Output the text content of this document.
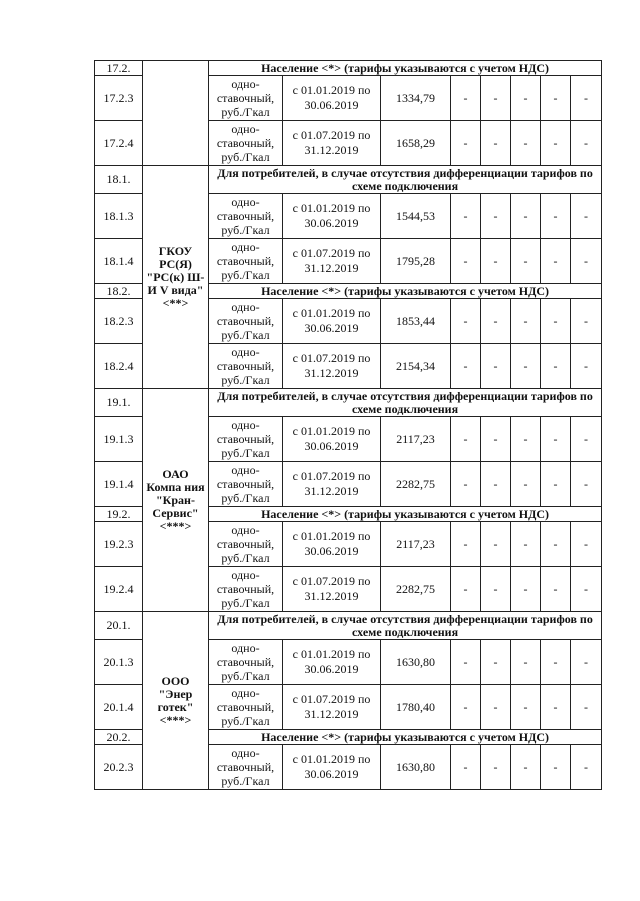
17.2.		Население <*> (тарифы указываются с учетом НДС)							
17.2.3		одно- ставочный, руб./Гкал	с 01.01.2019 по 30.06.2019	1334,79	-	-	-	-	-
17.2.4		одно- ставочный, руб./Гкал	с 01.07.2019 по 31.12.2019	1658,29	-	-	-	-	-
18.1.	ГКОУ РС(Я) "РС(к) Ш-И V вида" <**>	Для потребителей, в случае отсутствия дифференциации тарифов по схеме подключения							
18.1.3		одно- ставочный, руб./Гкал	с 01.01.2019 по 30.06.2019	1544,53	-	-	-	-	-
18.1.4		одно- ставочный, руб./Гкал	с 01.07.2019 по 31.12.2019	1795,28	-	-	-	-	-
18.2.		Население <*> (тарифы указываются с учетом НДС)							
18.2.3		одно- ставочный, руб./Гкал	с 01.01.2019 по 30.06.2019	1853,44	-	-	-	-	-
18.2.4		одно- ставочный, руб./Гкал	с 01.07.2019 по 31.12.2019	2154,34	-	-	-	-	-
19.1.	ОАО Компа ния "Кран- Сервис" <***>	Для потребителей, в случае отсутствия дифференциации тарифов по схеме подключения							
19.1.3		одно- ставочный, руб./Гкал	с 01.01.2019 по 30.06.2019	2117,23	-	-	-	-	-
19.1.4		одно- ставочный, руб./Гкал	с 01.07.2019 по 31.12.2019	2282,75	-	-	-	-	-
19.2.		Население <*> (тарифы указываются с учетом НДС)							
19.2.3		одно- ставочный, руб./Гкал	с 01.01.2019 по 30.06.2019	2117,23	-	-	-	-	-
19.2.4		одно- ставочный, руб./Гкал	с 01.07.2019 по 31.12.2019	2282,75	-	-	-	-	-
20.1.	ООО "Энер готек" <***>	Для потребителей, в случае отсутствия дифференциации тарифов по схеме подключения							
20.1.3		одно- ставочный, руб./Гкал	с 01.01.2019 по 30.06.2019	1630,80	-	-	-	-	-
20.1.4		одно- ставочный, руб./Гкал	с 01.07.2019 по 31.12.2019	1780,40	-	-	-	-	-
20.2.		Население <*> (тарифы указываются с учетом НДС)							
20.2.3		одно- ставочный, руб./Гкал	с 01.01.2019 по 30.06.2019	1630,80	-	-	-	-	-
